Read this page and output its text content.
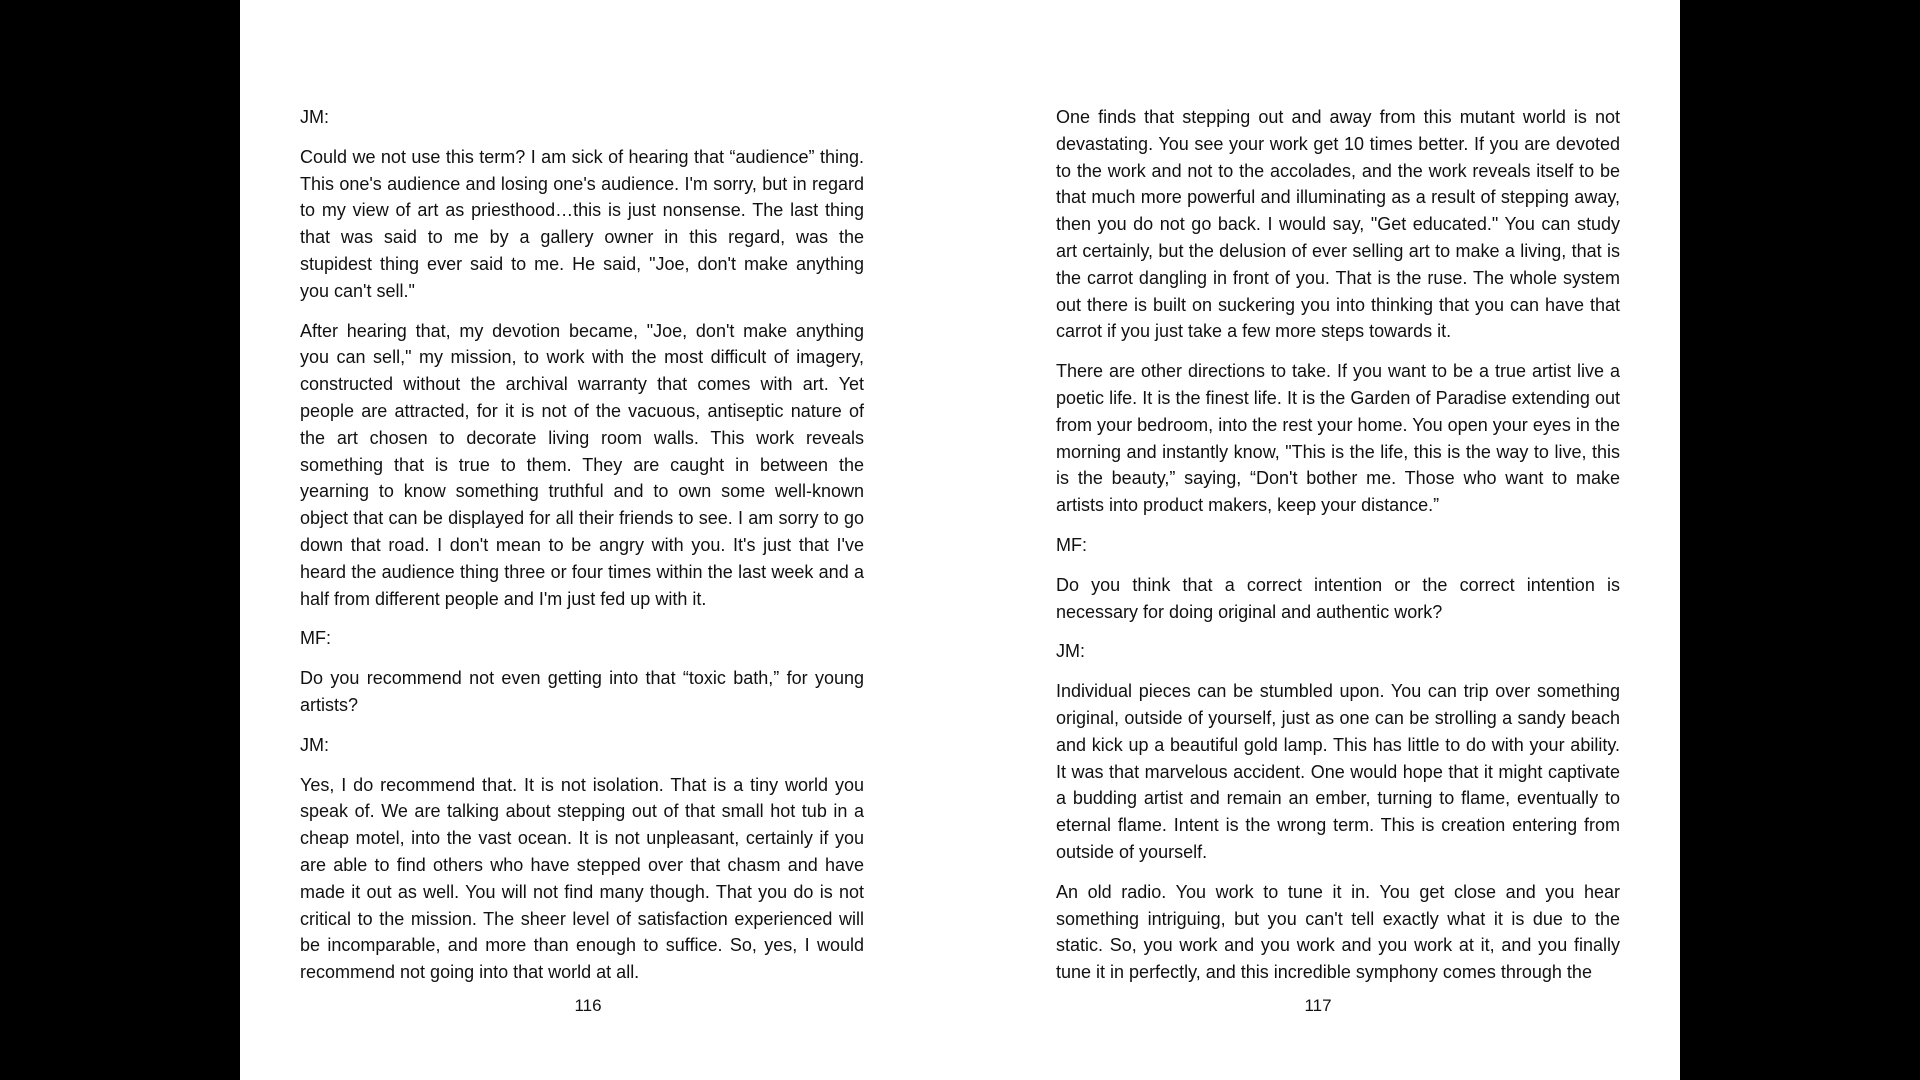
JM:

Could we not use this term? I am sick of hearing that “audience” thing. This one's audience and losing one's audience. I'm sorry, but in regard to my view of art as priesthood…this is just nonsense. The last thing that was said to me by a gallery owner in this regard, was the stupidest thing ever said to me. He said, "Joe, don't make anything you can't sell."

After hearing that, my devotion became, "Joe, don't make anything you can sell," my mission, to work with the most difficult of imagery, constructed without the archival warranty that comes with art. Yet people are attracted, for it is not of the vacuous, antiseptic nature of the art chosen to decorate living room walls. This work reveals something that is true to them. They are caught in between the yearning to know something truthful and to own some well-known object that can be displayed for all their friends to see. I am sorry to go down that road. I don't mean to be angry with you. It's just that I've heard the audience thing three or four times within the last week and a half from different people and I'm just fed up with it.

MF:

Do you recommend not even getting into that “toxic bath,” for young artists?

JM:

Yes, I do recommend that. It is not isolation. That is a tiny world you speak of. We are talking about stepping out of that small hot tub in a cheap motel, into the vast ocean. It is not unpleasant, certainly if you are able to find others who have stepped over that chasm and have made it out as well. You will not find many though. That you do is not critical to the mission. The sheer level of satisfaction experienced will be incomparable, and more than enough to suffice. So, yes, I would recommend not going into that world at all.

116

One finds that stepping out and away from this mutant world is not devastating. You see your work get 10 times better. If you are devoted to the work and not to the accolades, and the work reveals itself to be that much more powerful and illuminating as a result of stepping away, then you do not go back. I would say, "Get educated." You can study art certainly, but the delusion of ever selling art to make a living, that is the carrot dangling in front of you. That is the ruse. The whole system out there is built on suckering you into thinking that you can have that carrot if you just take a few more steps towards it.

There are other directions to take. If you want to be a true artist live a poetic life. It is the finest life. It is the Garden of Paradise extending out from your bedroom, into the rest your home. You open your eyes in the morning and instantly know, "This is the life, this is the way to live, this is the beauty,” saying, “Don't bother me. Those who want to make artists into product makers, keep your distance.”

MF:

Do you think that a correct intention or the correct intention is necessary for doing original and authentic work?

JM:

Individual pieces can be stumbled upon. You can trip over something original, outside of yourself, just as one can be strolling a sandy beach and kick up a beautiful gold lamp. This has little to do with your ability. It was that marvelous accident. One would hope that it might captivate a budding artist and remain an ember, turning to flame, eventually to eternal flame. Intent is the wrong term. This is creation entering from outside of yourself.

An old radio. You work to tune it in. You get close and you hear something intriguing, but you can't tell exactly what it is due to the static. So, you work and you work and you work at it, and you finally tune it in perfectly, and this incredible symphony comes through the

117
